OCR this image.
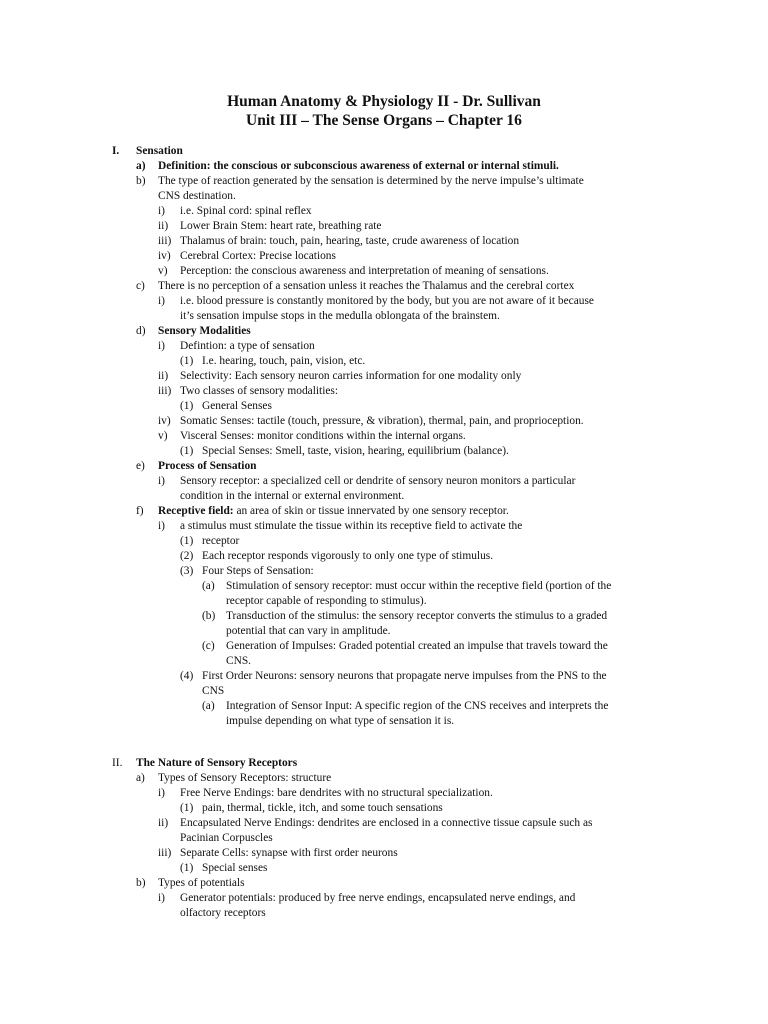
Human Anatomy & Physiology II - Dr. Sullivan
Unit III – The Sense Organs – Chapter 16
I. Sensation
a) Definition: the conscious or subconscious awareness of external or internal stimuli.
b) The type of reaction generated by the sensation is determined by the nerve impulse’s ultimate
CNS destination.
i) i.e. Spinal cord: spinal reflex
ii) Lower Brain Stem: heart rate, breathing rate
iii) Thalamus of brain: touch, pain, hearing, taste, crude awareness of location
iv) Cerebral Cortex: Precise locations
v) Perception: the conscious awareness and interpretation of meaning of sensations.
c) There is no perception of a sensation unless it reaches the Thalamus and the cerebral cortex
i) i.e. blood pressure is constantly monitored by the body, but you are not aware of it because
it’s sensation impulse stops in the medulla oblongata of the brainstem.
d) Sensory Modalities
i) Defintion: a type of sensation
(1) I.e. hearing, touch, pain, vision, etc.
ii) Selectivity: Each sensory neuron carries information for one modality only
iii) Two classes of sensory modalities:
(1) General Senses
iv) Somatic Senses: tactile (touch, pressure, & vibration), thermal, pain, and proprioception.
v) Visceral Senses: monitor conditions within the internal organs.
(1) Special Senses: Smell, taste, vision, hearing, equilibrium (balance).
e) Process of Sensation
i) Sensory receptor: a specialized cell or dendrite of sensory neuron monitors a particular
condition in the internal or external environment.
f) Receptive field: an area of skin or tissue innervated by one sensory receptor.
i) a stimulus must stimulate the tissue within its receptive field to activate the
(1) receptor
(2) Each receptor responds vigorously to only one type of stimulus.
(3) Four Steps of Sensation:
(a) Stimulation of sensory receptor: must occur within the receptive field (portion of the
receptor capable of responding to stimulus).
(b) Transduction of the stimulus: the sensory receptor converts the stimulus to a graded
potential that can vary in amplitude.
(c) Generation of Impulses: Graded potential created an impulse that travels toward the
CNS.
(4) First Order Neurons: sensory neurons that propagate nerve impulses from the PNS to the
CNS
(a) Integration of Sensor Input: A specific region of the CNS receives and interprets the
impulse depending on what type of sensation it is.
II. The Nature of Sensory Receptors
a) Types of Sensory Receptors: structure
i) Free Nerve Endings: bare dendrites with no structural specialization.
(1) pain, thermal, tickle, itch, and some touch sensations
ii) Encapsulated Nerve Endings: dendrites are enclosed in a connective tissue capsule such as
Pacinian Corpuscles
iii) Separate Cells: synapse with first order neurons
(1) Special senses
b) Types of potentials
i) Generator potentials: produced by free nerve endings, encapsulated nerve endings, and
olfactory receptors
